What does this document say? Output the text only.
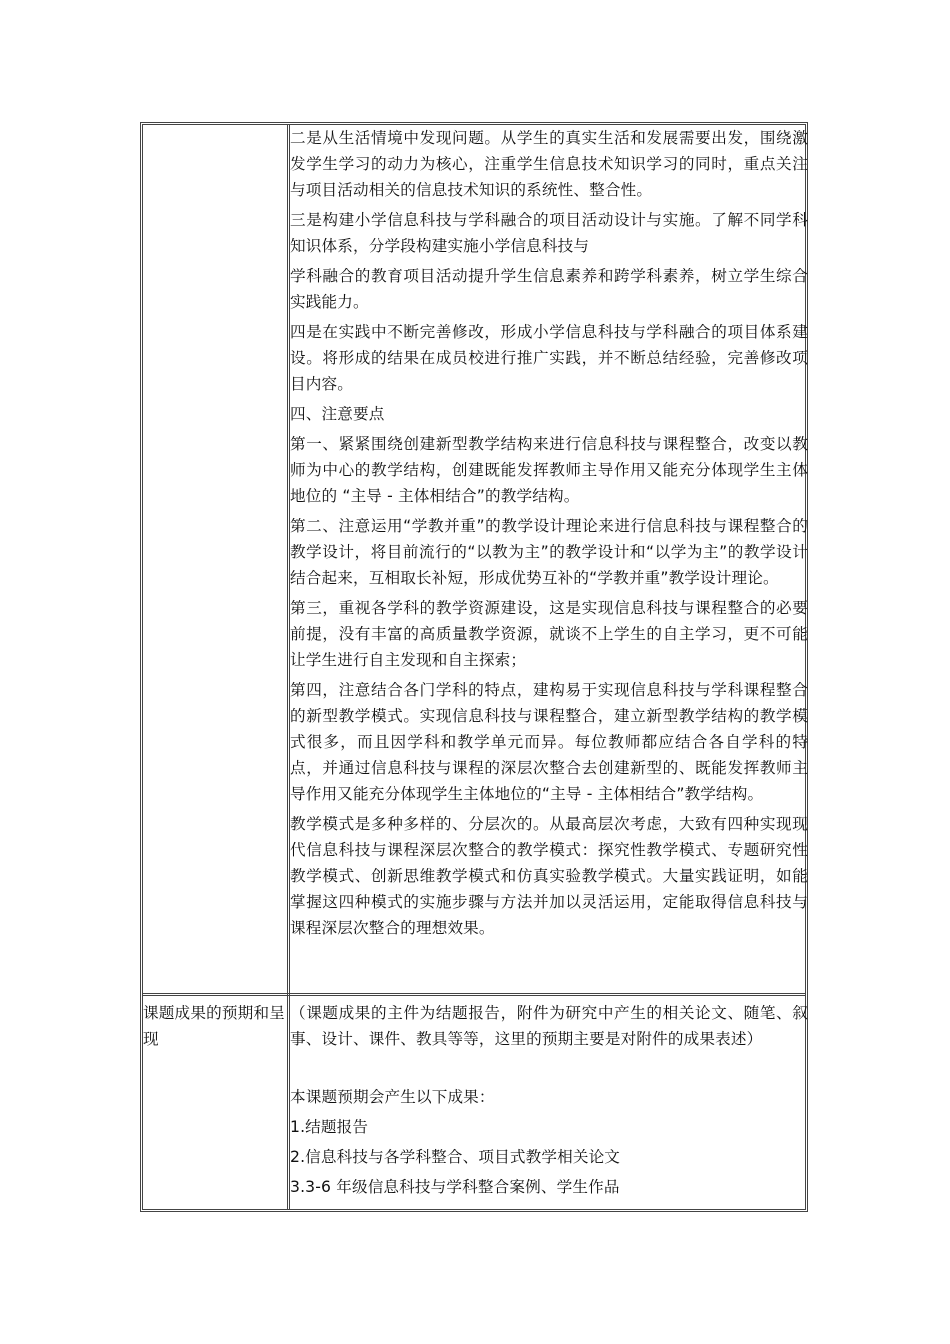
二是从生活情境中发现问题。从学生的真实生活和发展需要出发，围绕激发学生学习的动力为核心，注重学生信息技术知识学习的同时，重点关注与项目活动相关的信息技术知识的系统性、整合性。

三是构建小学信息科技与学科融合的项目活动设计与实施。了解不同学科知识体系，分学段构建实施小学信息科技与

学科融合的教育项目活动提升学生信息素养和跨学科素养，树立学生综合实践能力。

四是在实践中不断完善修改，形成小学信息科技与学科融合的项目体系建设。将形成的结果在成员校进行推广实践，并不断总结经验，完善修改项目内容。

四、注意要点

第一、紧紧围绕创建新型教学结构来进行信息科技与课程整合，改变以教师为中心的教学结构，创建既能发挥教师主导作用又能充分体现学生主体地位的 “主导 - 主体相结合”的教学结构。

第二、注意运用“学教并重”的教学设计理论来进行信息科技与课程整合的教学设计，将目前流行的“以教为主”的教学设计和“以学为主”的教学设计结合起来，互相取长补短，形成优势互补的“学教并重”教学设计理论。

第三，重视各学科的教学资源建设，这是实现信息科技与课程整合的必要前提，没有丰富的高质量教学资源，就谈不上学生的自主学习，更不可能让学生进行自主发现和自主探索；

第四，注意结合各门学科的特点，建构易于实现信息科技与学科课程整合的新型教学模式。实现信息科技与课程整合，建立新型教学结构的教学模式很多，而且因学科和教学单元而异。每位教师都应结合各自学科的特点，并通过信息科技与课程的深层次整合去创建新型的、既能发挥教师主导作用又能充分体现学生主体地位的“主导 - 主体相结合”教学结构。

教学模式是多种多样的、分层次的。从最高层次考虑，大致有四种实现现代信息科技与课程深层次整合的教学模式：探究性教学模式、专题研究性教学模式、创新思维教学模式和仿真实验教学模式。大量实践证明，如能掌握这四种模式的实施步骤与方法并加以灵活运用，定能取得信息科技与课程深层次整合的理想效果。

课题成果的预期和呈现

（课题成果的主件为结题报告，附件为研究中产生的相关论文、随笔、叙事、设计、课件、教具等等，这里的预期主要是对附件的成果表述）

本课题预期会产生以下成果：

1.结题报告

2.信息科技与各学科整合、项目式教学相关论文

3.3-6 年级信息科技与学科整合案例、学生作品
